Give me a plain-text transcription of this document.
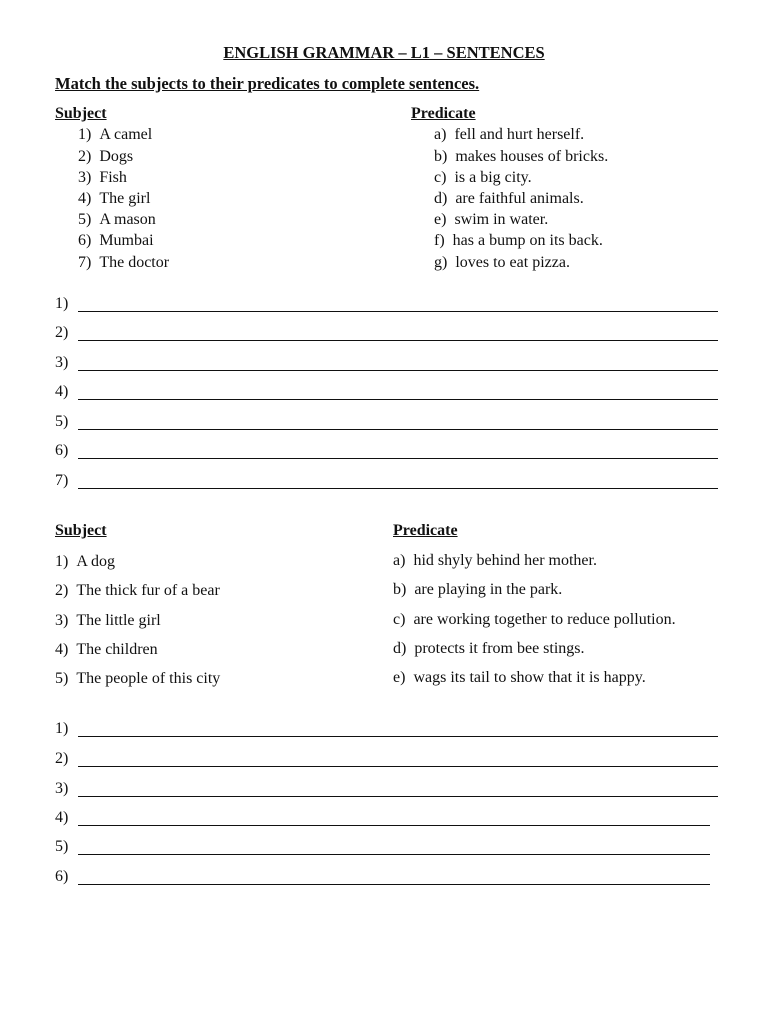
ENGLISH GRAMMAR – L1 – SENTENCES
Match the subjects to their predicates to complete sentences.
Subject	Predicate
1) A camel
2) Dogs
3) Fish
4) The girl
5) A mason
6) Mumbai
7) The doctor
a) fell and hurt herself.
b) makes houses of bricks.
c) is a big city.
d) are faithful animals.
e) swim in water.
f) has a bump on its back.
g) loves to eat pizza.
1)
2)
3)
4)
5)
6)
7)
Subject	Predicate
1) A dog
2) The thick fur of a bear
3) The little girl
4) The children
5) The people of this city
a) hid shyly behind her mother.
b) are playing in the park.
c) are working together to reduce pollution.
d) protects it from bee stings.
e) wags its tail to show that it is happy.
1)
2)
3)
4)
5)
6)
